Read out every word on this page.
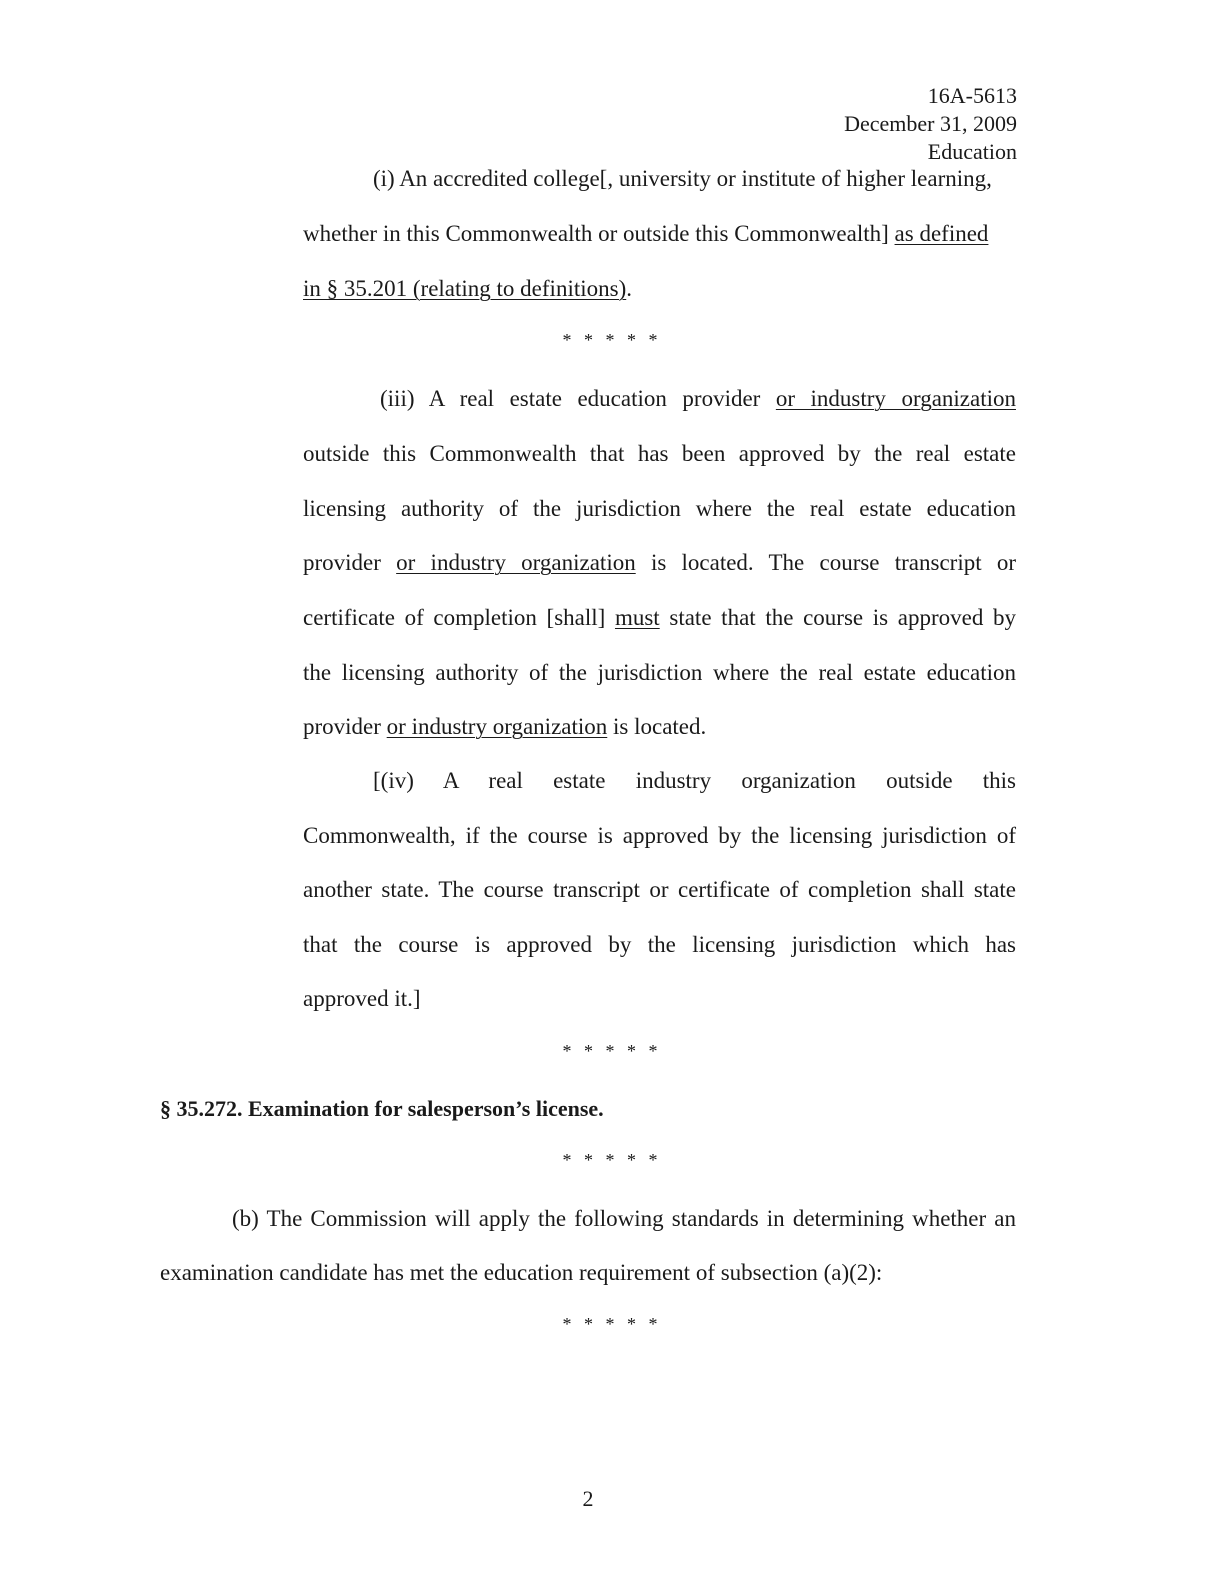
16A-5613
December 31, 2009
Education
(i) An accredited college[, university or institute of higher learning,
whether in this Commonwealth or outside this Commonwealth] as defined
in § 35.201 (relating to definitions).
* * * * *
(iii) A real estate education provider or industry organization
outside this Commonwealth that has been approved by the real estate
licensing authority of the jurisdiction where the real estate education
provider or industry organization is located. The course transcript or
certificate of completion [shall] must state that the course is approved by
the licensing authority of the jurisdiction where the real estate education
provider or industry organization is located.
[(iv) A real estate industry organization outside this
Commonwealth, if the course is approved by the licensing jurisdiction of
another state. The course transcript or certificate of completion shall state
that the course is approved by the licensing jurisdiction which has
approved it.]
* * * * *
§ 35.272. Examination for salesperson’s license.
* * * * *
(b) The Commission will apply the following standards in determining whether an
examination candidate has met the education requirement of subsection (a)(2):
* * * * *
2
